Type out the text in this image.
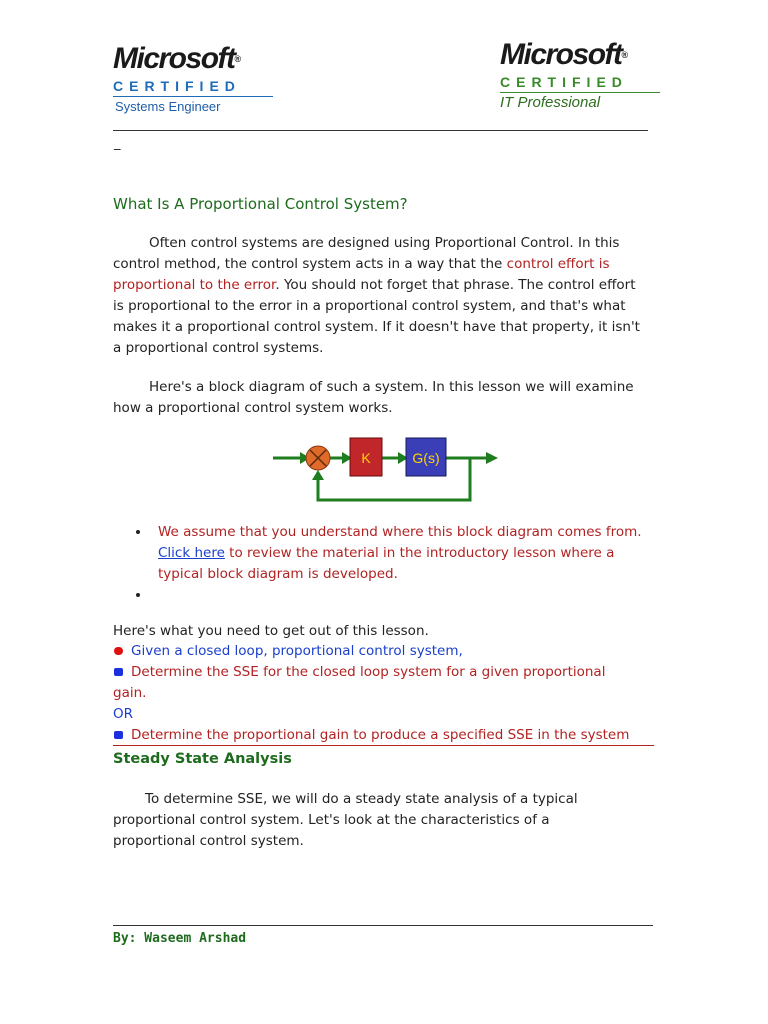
Microsoft®
CERTIFIED
Systems Engineer
Microsoft®
CERTIFIED
IT Professional
_
What Is A Proportional Control System?
Often control systems are designed using Proportional Control. In this control method, the control system acts in a way that the control effort is proportional to the error. You should not forget that phrase. The control effort is proportional to the error in a proportional control system, and that's what makes it a proportional control system. If it doesn't have that property, it isn't a proportional control systems.
Here's a block diagram of such a system. In this lesson we will examine how a proportional control system works.
K	G(s)
We assume that you understand where this block diagram comes from. Click here to review the material in the introductory lesson where a typical block diagram is developed.
Here's what you need to get out of this lesson.
Given a closed loop, proportional control system,
Determine the SSE for the closed loop system for a given proportional
gain.
OR
Determine the proportional gain to produce a specified SSE in the system
Steady State Analysis
To determine SSE, we will do a steady state analysis of a typical proportional control system. Let's look at the characteristics of a proportional control system.
By: Waseem Arshad
